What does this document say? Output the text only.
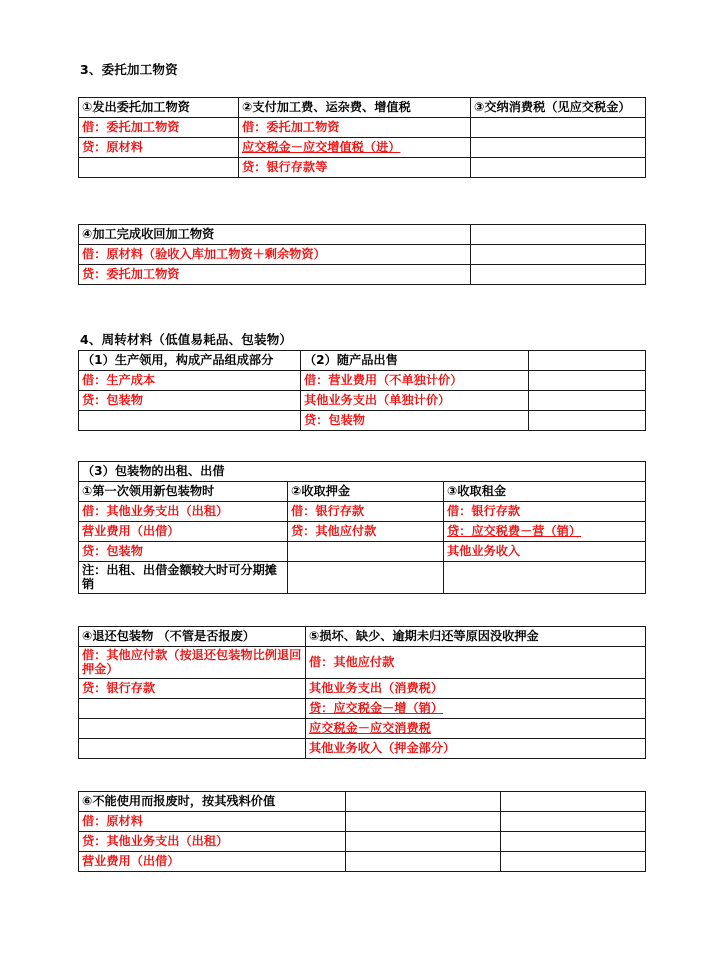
3、委托加工物资
①发出委托加工物资	②支付加工费、运杂费、增值税	③交纳消费税（见应交税金）
借：委托加工物资	借：委托加工物资	
贷：原材料	应交税金－应交增值税（进）	
	贷：银行存款等	
④加工完成收回加工物资	
借：原材料（验收入库加工物资＋剩余物资）	
贷：委托加工物资	
4、周转材料（低值易耗品、包装物）
（1）生产领用，构成产品组成部分	（2）随产品出售	
借：生产成本	借：营业费用（不单独计价）	
贷：包装物	其他业务支出（单独计价）	
	贷：包装物	
（3）包装物的出租、出借		
①第一次领用新包装物时	②收取押金	③收取租金
借：其他业务支出（出租）	借：银行存款	借：银行存款
营业费用（出借）	贷：其他应付款	贷：应交税费－营（销）
贷：包装物		其他业务收入
注：出租、出借金额较大时可分期摊销		
④退还包装物 （不管是否报废）	⑤损坏、缺少、逾期未归还等原因没收押金
借：其他应付款（按退还包装物比例退回押金）	借：其他应付款
贷：银行存款	其他业务支出（消费税）
	贷：应交税金－增（销）
	应交税金－应交消费税
	其他业务收入（押金部分）
⑥不能使用而报废时，按其残料价值		
借：原材料		
贷：其他业务支出（出租）		
营业费用（出借）		
